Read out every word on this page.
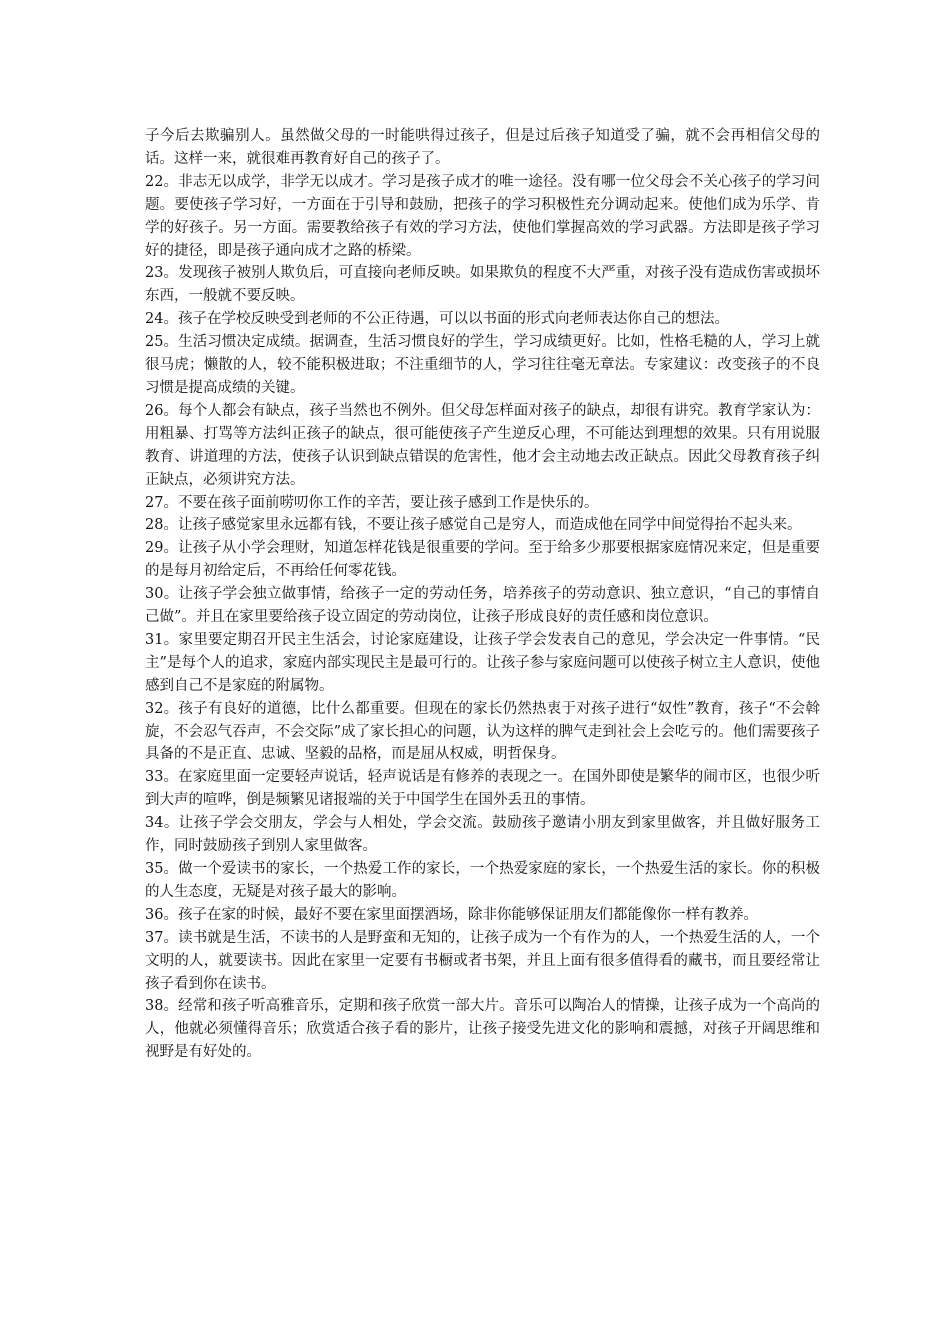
子今后去欺骗别人。虽然做父母的一时能哄得过孩子，但是过后孩子知道受了骗，就不会再相信父母的话。这样一来，就很难再教育好自己的孩子了。

22。非志无以成学，非学无以成才。学习是孩子成才的唯一途径。没有哪一位父母会不关心孩子的学习问题。要使孩子学习好，一方面在于引导和鼓励，把孩子的学习积极性充分调动起来。使他们成为乐学、肯学的好孩子。另一方面。需要教给孩子有效的学习方法，使他们掌握高效的学习武器。方法即是孩子学习好的捷径，即是孩子通向成才之路的桥梁。

23。发现孩子被别人欺负后，可直接向老师反映。如果欺负的程度不大严重，对孩子没有造成伤害或损坏东西，一般就不要反映。

24。孩子在学校反映受到老师的不公正待遇，可以以书面的形式向老师表达你自己的想法。

25。生活习惯决定成绩。据调查，生活习惯良好的学生，学习成绩更好。比如，性格毛糙的人，学习上就很马虎；懒散的人，较不能积极进取；不注重细节的人，学习往往毫无章法。专家建议：改变孩子的不良习惯是提高成绩的关键。

26。每个人都会有缺点，孩子当然也不例外。但父母怎样面对孩子的缺点，却很有讲究。教育学家认为：用粗暴、打骂等方法纠正孩子的缺点，很可能使孩子产生逆反心理，不可能达到理想的效果。只有用说服教育、讲道理的方法，使孩子认识到缺点错误的危害性，他才会主动地去改正缺点。因此父母教育孩子纠正缺点，必须讲究方法。

27。不要在孩子面前唠叨你工作的辛苦，要让孩子感到工作是快乐的。

28。让孩子感觉家里永远都有钱，不要让孩子感觉自己是穷人，而造成他在同学中间觉得抬不起头来。

29。让孩子从小学会理财，知道怎样花钱是很重要的学问。至于给多少那要根据家庭情况来定，但是重要的是每月初给定后，不再给任何零花钱。

30。让孩子学会独立做事情，给孩子一定的劳动任务，培养孩子的劳动意识、独立意识，“自己的事情自己做”。并且在家里要给孩子设立固定的劳动岗位，让孩子形成良好的责任感和岗位意识。

31。家里要定期召开民主生活会，讨论家庭建设，让孩子学会发表自己的意见，学会决定一件事情。“民主”是每个人的追求，家庭内部实现民主是最可行的。让孩子参与家庭问题可以使孩子树立主人意识，使他感到自己不是家庭的附属物。

32。孩子有良好的道德，比什么都重要。但现在的家长仍然热衷于对孩子进行“奴性”教育，孩子“不会斡旋，不会忍气吞声，不会交际”成了家长担心的问题，认为这样的脾气走到社会上会吃亏的。他们需要孩子具备的不是正直、忠诚、坚毅的品格，而是屈从权威，明哲保身。

33。在家庭里面一定要轻声说话，轻声说话是有修养的表现之一。在国外即使是繁华的闹市区，也很少听到大声的喧哗，倒是频繁见诸报端的关于中国学生在国外丢丑的事情。

34。让孩子学会交朋友，学会与人相处，学会交流。鼓励孩子邀请小朋友到家里做客，并且做好服务工作，同时鼓励孩子到别人家里做客。

35。做一个爱读书的家长，一个热爱工作的家长，一个热爱家庭的家长，一个热爱生活的家长。你的积极的人生态度，无疑是对孩子最大的影响。

36。孩子在家的时候，最好不要在家里面摆酒场，除非你能够保证朋友们都能像你一样有教养。

37。读书就是生活，不读书的人是野蛮和无知的，让孩子成为一个有作为的人，一个热爱生活的人，一个文明的人，就要读书。因此在家里一定要有书橱或者书架，并且上面有很多值得看的藏书，而且要经常让孩子看到你在读书。

38。经常和孩子听高雅音乐，定期和孩子欣赏一部大片。音乐可以陶冶人的情操，让孩子成为一个高尚的人，他就必须懂得音乐；欣赏适合孩子看的影片，让孩子接受先进文化的影响和震撼，对孩子开阔思维和视野是有好处的。
